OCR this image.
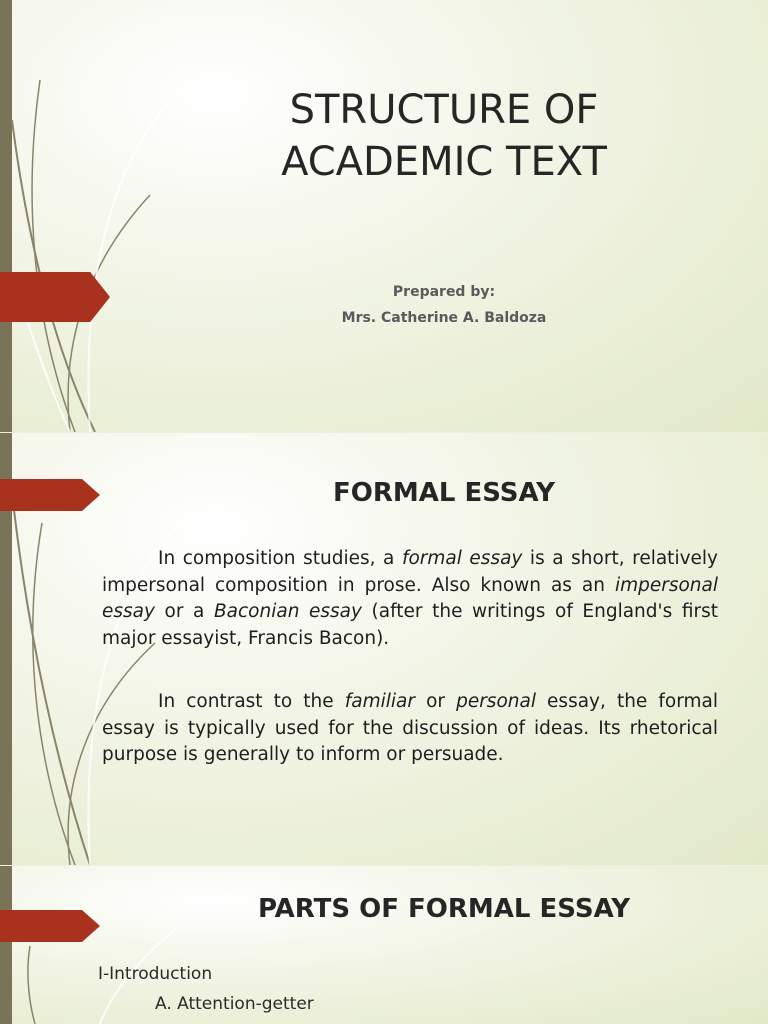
STRUCTURE OF
ACADEMIC TEXT
Prepared by:
Mrs. Catherine A. Baldoza
FORMAL ESSAY

In composition studies, a formal essay is a short, relatively impersonal composition in prose. Also known as an impersonal essay or a Baconian essay (after the writings of England's first major essayist, Francis Bacon).

In contrast to the familiar or personal essay, the formal essay is typically used for the discussion of ideas. Its rhetorical purpose is generally to inform or persuade.

PARTS OF FORMAL ESSAY
I-Introduction
A. Attention-getter
